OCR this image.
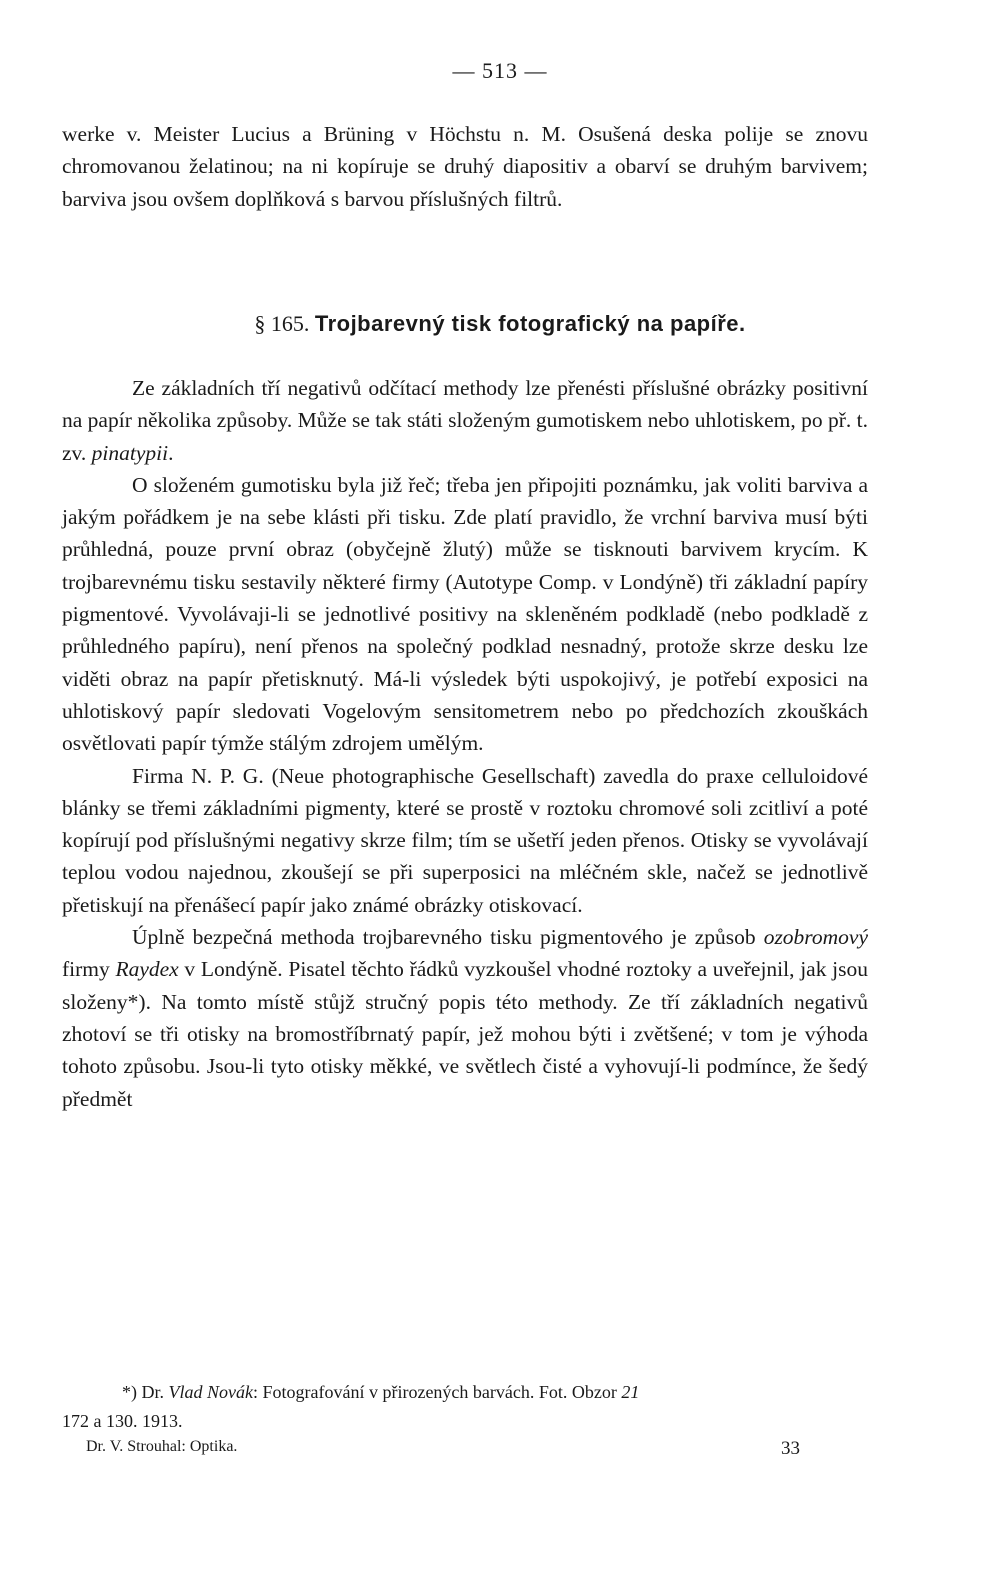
— 513 —

werke v. Meister Lucius a Brüning v Höchstu n. M. Osušená deska polije se znovu chromovanou želatinou; na ni kopíruje se druhý diapositiv a obarví se druhým barvivem; barviva jsou ovšem doplňková s barvou příslušných filtrů.

§ 165. Trojbarevný tisk fotografický na papíře.

Ze základních tří negativů odčítací methody lze přenésti příslušné obrázky positivní na papír několika způsoby. Může se tak státi složeným gumotiskem nebo uhlotiskem, po př. t. zv. pinatypii.

O složeném gumotisku byla již řeč; třeba jen připojiti poznámku, jak voliti barviva a jakým pořádkem je na sebe klásti při tisku. Zde platí pravidlo, že vrchní barviva musí býti průhledná, pouze první obraz (obyčejně žlutý) může se tisknouti barvivem krycím. K trojbarevnému tisku sestavily některé firmy (Autotype Comp. v Londýně) tři základní papíry pigmentové. Vyvolávaji-li se jednotlivé positivy na skleněném podkladě (nebo podkladě z průhledného papíru), není přenos na společný podklad nesnadný, protože skrze desku lze viděti obraz na papír přetisknutý. Má-li výsledek býti uspokojivý, je potřebí exposici na uhlotiskový papír sledovati Vogelovým sensitometrem nebo po předchozích zkouškách osvětlovati papír týmže stálým zdrojem umělým.

Firma N. P. G. (Neue photographische Gesellschaft) zavedla do praxe celluloidové blánky se třemi základními pigmenty, které se prostě v roztoku chromové soli zcitliví a poté kopírují pod příslušnými negativy skrze film; tím se ušetří jeden přenos. Otisky se vyvolávají teplou vodou najednou, zkoušejí se při superposici na mléčném skle, načež se jednotlivě přetiskují na přenášecí papír jako známé obrázky otiskovací.

Úplně bezpečná methoda trojbarevného tisku pigmentového je způsob ozobromový firmy Raydex v Londýně. Pisatel těchto řádků vyzkoušel vhodné roztoky a uveřejnil, jak jsou složeny*). Na tomto místě stůjž stručný popis této methody. Ze tří základních negativů zhotoví se tři otisky na bromostříbrnatý papír, jež mohou býti i zvětšené; v tom je výhoda tohoto způsobu. Jsou-li tyto otisky měkké, ve světlech čisté a vyhovují-li podmínce, že šedý předmět

*) Dr. Vlad Novák: Fotografování v přirozených barvách. Fot. Obzor 21
172 a 130. 1913.
Dr. V. Strouhal: Optika.	33
